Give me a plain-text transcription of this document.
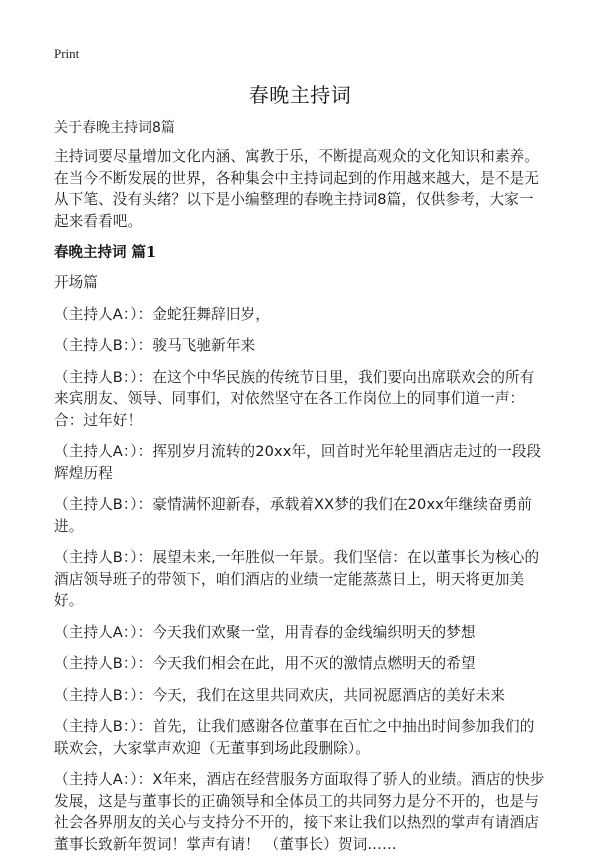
Print
春晚主持词
关于春晚主持词8篇

主持词要尽量增加文化内涵、寓教于乐，不断提高观众的文化知识和素养。在当今不断发展的世界，各种集会中主持词起到的作用越来越大，是不是无从下笔、没有头绪？以下是小编整理的春晚主持词8篇，仅供参考，大家一起来看看吧。

春晚主持词 篇1
开场篇

（主持人A：）：金蛇狂舞辞旧岁，

（主持人B：）：骏马飞驰新年来

（主持人B：）：在这个中华民族的传统节日里，我们要向出席联欢会的所有来宾朋友、领导、同事们，对依然坚守在各工作岗位上的同事们道一声： 合：过年好！

（主持人A：）：挥别岁月流转的20xx年，回首时光年轮里酒店走过的一段段辉煌历程

（主持人B：）：豪情满怀迎新春，承载着XX梦的我们在20xx年继续奋勇前进。

（主持人B：）：展望未来,一年胜似一年景。我们坚信：在以董事长为核心的酒店领导班子的带领下，咱们酒店的业绩一定能蒸蒸日上，明天将更加美好。

（主持人A：）：今天我们欢聚一堂，用青春的金线编织明天的梦想

（主持人B：）：今天我们相会在此，用不灭的激情点燃明天的希望

（主持人B：）：今天，我们在这里共同欢庆，共同祝愿酒店的美好未来

（主持人B：）：首先，让我们感谢各位董事在百忙之中抽出时间参加我们的联欢会，大家掌声欢迎（无董事到场此段删除）。

（主持人A：）：X年来，酒店在经营服务方面取得了骄人的业绩。酒店的快步发展，这是与董事长的正确领导和全体员工的共同努力是分不开的，也是与社会各界朋友的关心与支持分不开的，接下来让我们以热烈的掌声有请酒店董事长致新年贺词！掌声有请！ （董事长）贺词……
